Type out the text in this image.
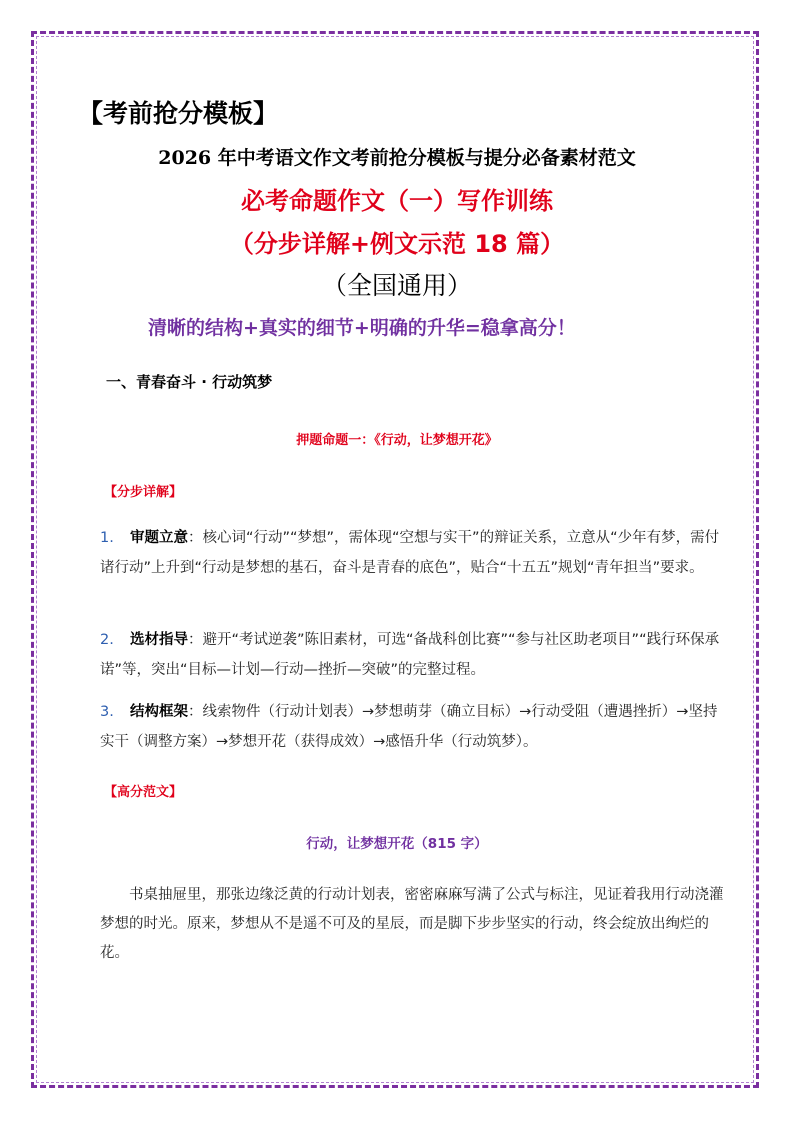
【考前抢分模板】
2026 年中考语文作文考前抢分模板与提分必备素材范文
必考命题作文（一）写作训练
（分步详解+例文示范 18 篇）
（全国通用）
清晰的结构+真实的细节+明确的升华=稳拿高分！
一、青春奋斗 · 行动筑梦
押题命题一：《行动，让梦想开花》
【分步详解】
1. 审题立意：核心词“行动”“梦想”，需体现“空想与实干”的辩证关系，立意从“少年有梦，需付诸行动”上升到“行动是梦想的基石，奋斗是青春的底色”，贴合“十五五”规划“青年担当”要求。
2. 选材指导：避开“考试逆袭”陈旧素材，可选“备战科创比赛”“参与社区助老项目”“践行环保承诺”等，突出“目标—计划—行动—挫折—突破”的完整过程。
3. 结构框架：线索物件（行动计划表）→梦想萌芽（确立目标）→行动受阻（遭遇挫折）→坚持实干（调整方案）→梦想开花（获得成效）→感悟升华（行动筑梦）。
【高分范文】
行动，让梦想开花（815 字）
　　书桌抽屉里，那张边缘泛黄的行动计划表，密密麻麻写满了公式与标注，见证着我用行动浇灌梦想的时光。原来，梦想从不是遥不可及的星辰，而是脚下步步坚实的行动，终会绽放出绚烂的花。
